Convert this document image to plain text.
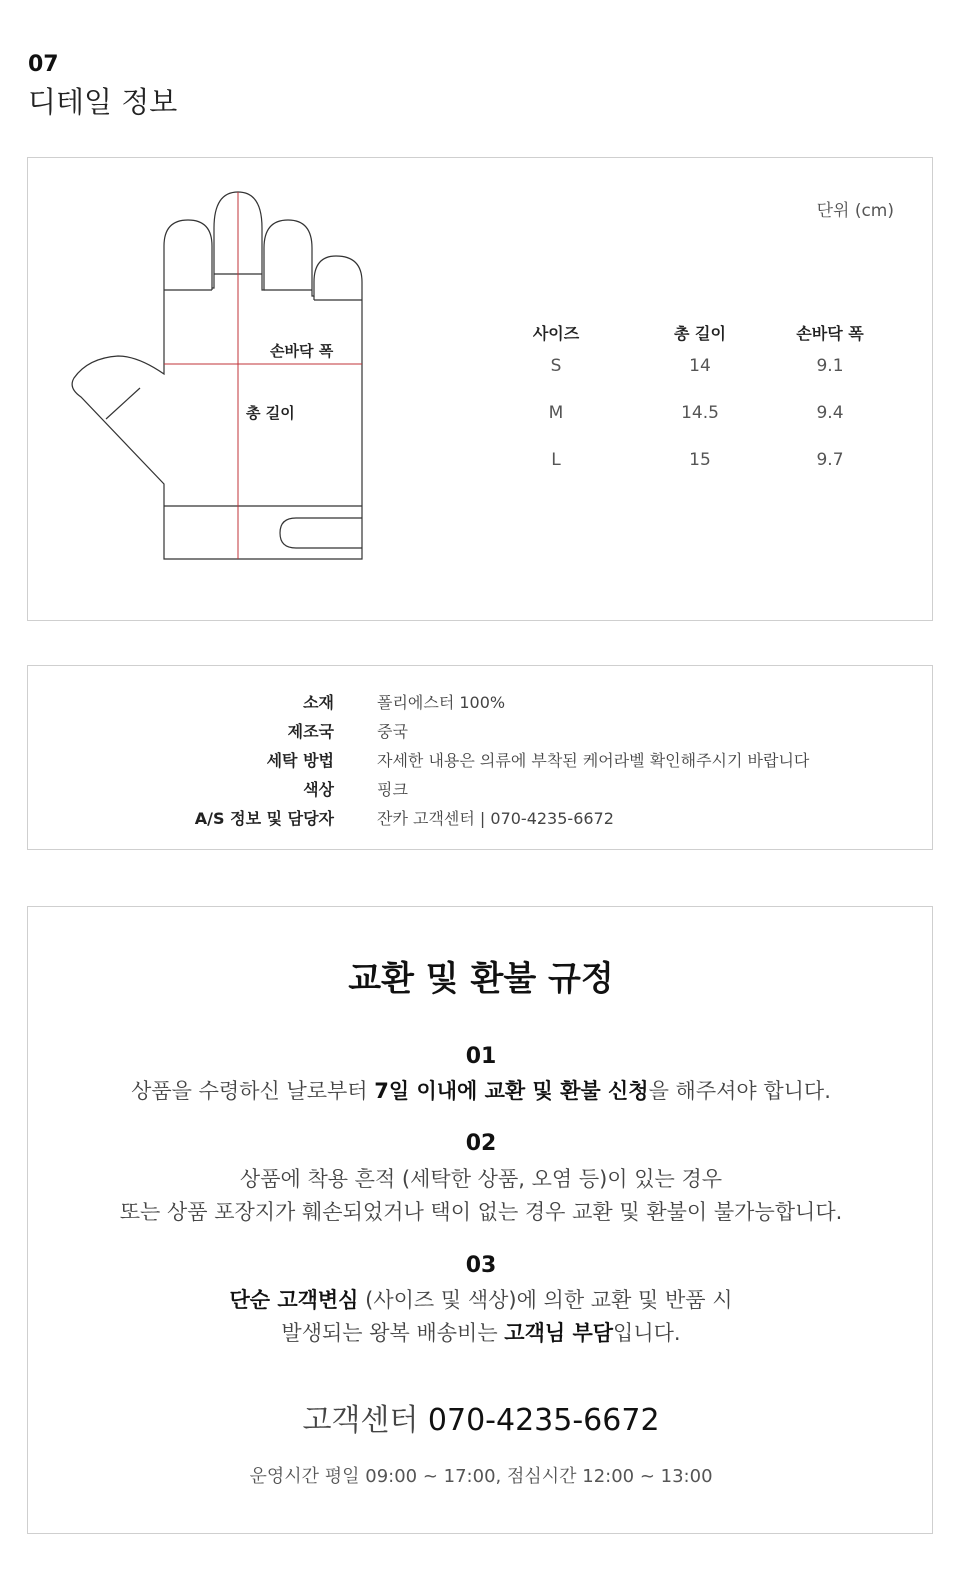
07
디테일 정보
손바닥 폭
총 길이
단위 (cm)
사이즈	총 길이	손바닥 폭
S	14	9.1
M	14.5	9.4
L	15	9.7
소재	폴리에스터 100%
제조국	중국
세탁 방법	자세한 내용은 의류에 부착된 케어라벨 확인해주시기 바랍니다
색상	핑크
A/S 정보 및 담당자	잔카 고객센터 | 070-4235-6672
교환 및 환불 규정
01
상품을 수령하신 날로부터 7일 이내에 교환 및 환불 신청을 해주셔야 합니다.
02
상품에 착용 흔적 (세탁한 상품, 오염 등)이 있는 경우
또는 상품 포장지가 훼손되었거나 택이 없는 경우 교환 및 환불이 불가능합니다.
03
단순 고객변심 (사이즈 및 색상)에 의한 교환 및 반품 시
발생되는 왕복 배송비는 고객님 부담입니다.
고객센터 070-4235-6672
운영시간 평일 09:00 ~ 17:00, 점심시간 12:00 ~ 13:00
